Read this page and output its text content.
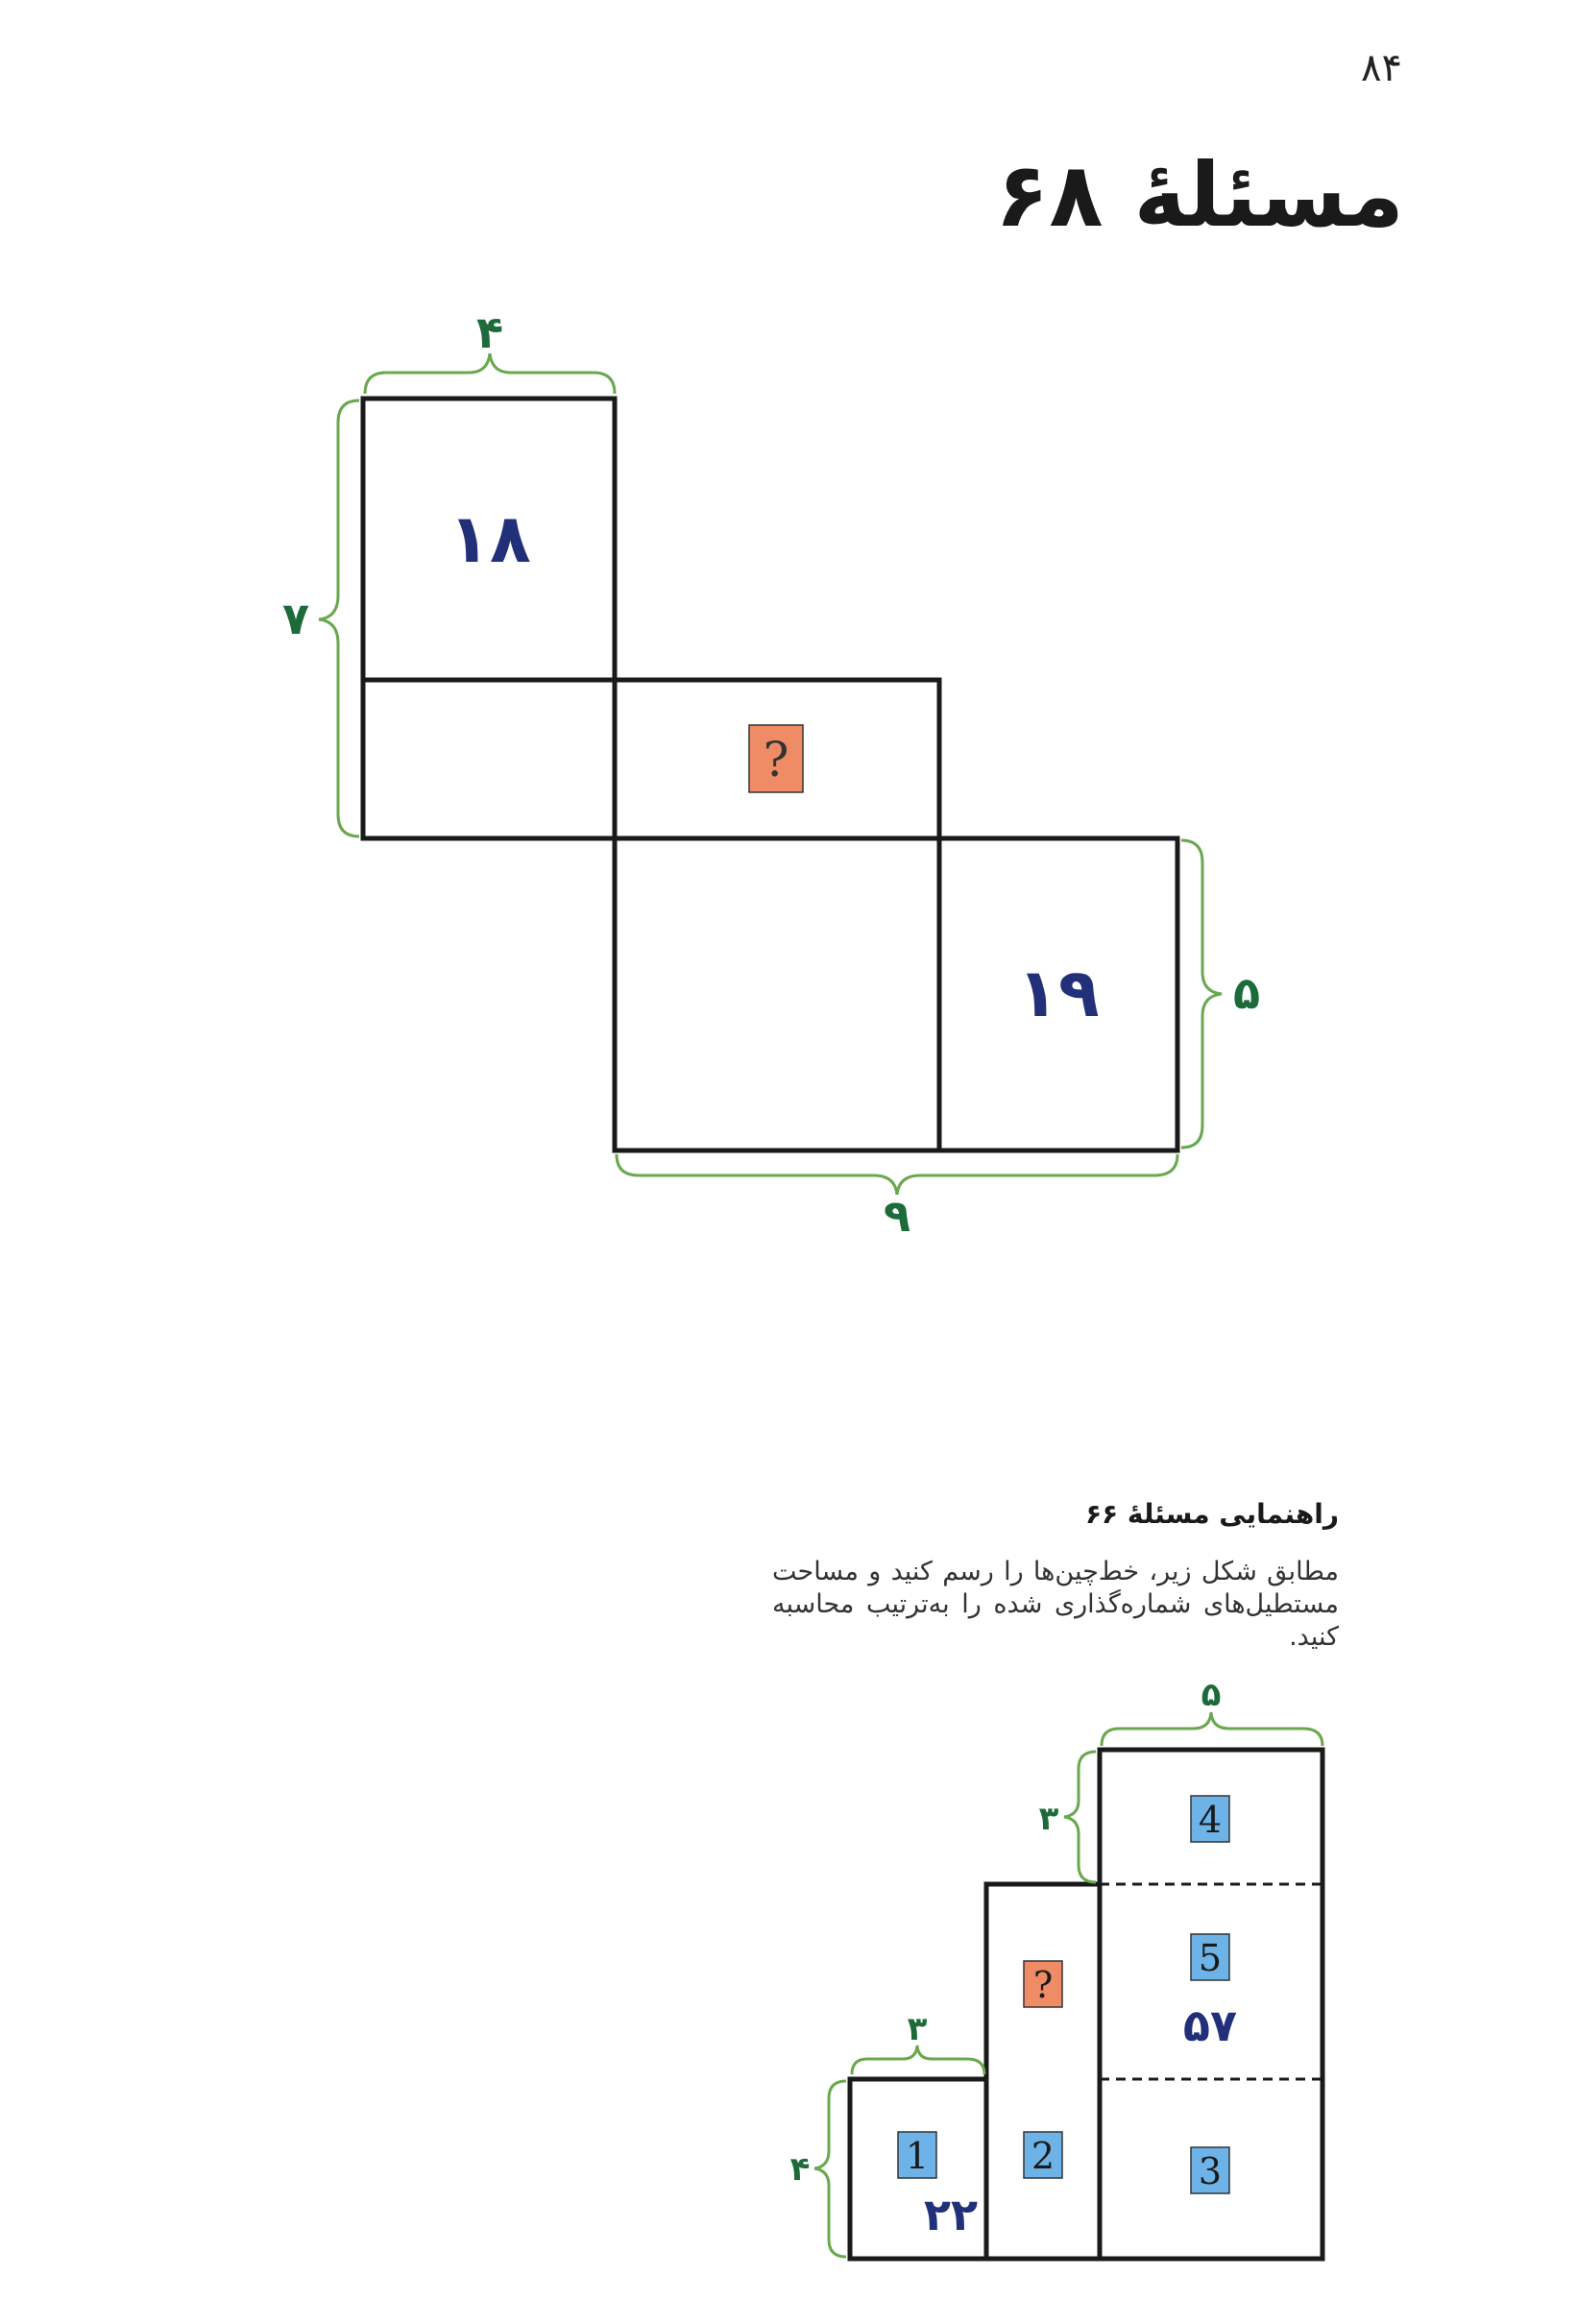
۸۴
مسئلهٔ ۶۸
?
۱۸
۱۹
۴
۷
۵
۹
راهنمایی مسئلهٔ ۶۶
مطابق شکل زیر، خط‌چین‌ها را رسم کنید و مساحت مستطیل‌های شماره‌گذاری شده را به‌ترتیب محاسبه کنید.
4
5
3
2
1
?
۵۷
۲۲
۵
۳
۳
۴
